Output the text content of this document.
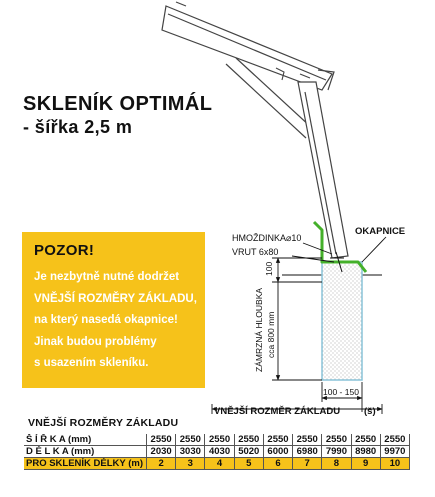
OKAPNICE
HMOŽDINKA⌀10
VRUT 6x80
100
ZÁMRZNÁ HLOUBKA cca 800 mm
100 - 150
VNĚJŠÍ ROZMĚR ZÁKLADU	(š)
SKLENÍK OPTIMÁL
- šířka 2,5 m

POZOR!

Je nezbytně nutné dodržet

VNĚJŠÍ ROZMĚRY ZÁKLADU,

na který nasedá okapnice!

Jinak budou problémy

s usazením skleníku.

VNĚJŠÍ ROZMĚRY ZÁKLADU

Š Í Ř K A (mm)	2550	2550	2550	2550	2550	2550	2550	2550	2550
D É L K A (mm)	2030	3030	4030	5020	6000	6980	7990	8980	9970
PRO SKLENÍK DÉLKY (m)	2	3	4	5	6	7	8	9	10
